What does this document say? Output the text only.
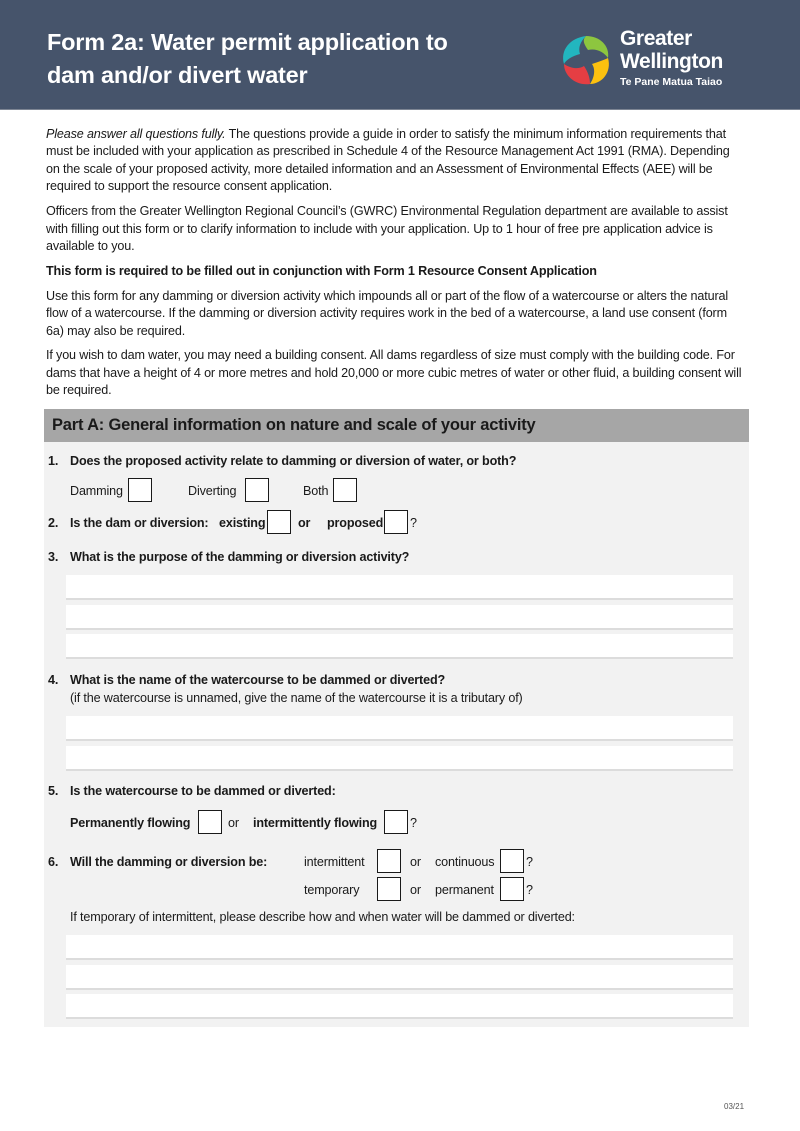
Form 2a: Water permit application to
dam and/or divert water
Greater
Wellington
Te Pane Matua Taiao

Please answer all questions fully. The questions provide a guide in order to satisfy the minimum information requirements that must be included with your application as prescribed in Schedule 4 of the Resource Management Act 1991 (RMA). Depending on the scale of your proposed activity, more detailed information and an Assessment of Environmental Effects (AEE) will be required to support the resource consent application.

Officers from the Greater Wellington Regional Council’s (GWRC) Environmental Regulation department are available to assist with filling out this form or to clarify information to include with your application. Up to 1 hour of free pre application advice is available to you.

This form is required to be filled out in conjunction with Form 1 Resource Consent Application

Use this form for any damming or diversion activity which impounds all or part of the flow of a watercourse or alters the natural flow of a watercourse. If the damming or diversion activity requires work in the bed of a watercourse, a land use consent (form 6a) may also be required.

If you wish to dam water, you may need a building consent. All dams regardless of size must comply with the building code. For dams that have a height of 4 or more metres and hold 20,000 or more cubic metres of water or other fluid, a building consent will be required.

Part A: General information on nature and scale of your activity
1. Does the proposed activity relate to damming or diversion of water, or both?
Damming	Diverting	Both
2. Is the dam or diversion: existing	or proposed ?
3. What is the purpose of the damming or diversion activity?
4. What is the name of the watercourse to be dammed or diverted?
(if the watercourse is unnamed, give the name of the watercourse it is a tributary of)
5. Is the watercourse to be dammed or diverted:
Permanently flowing	or intermittently flowing	?
6. Will the damming or diversion be:	intermittent	or continuous	?
temporary	or permanent	?
If temporary of intermittent, please describe how and when water will be dammed or diverted:
03/21
